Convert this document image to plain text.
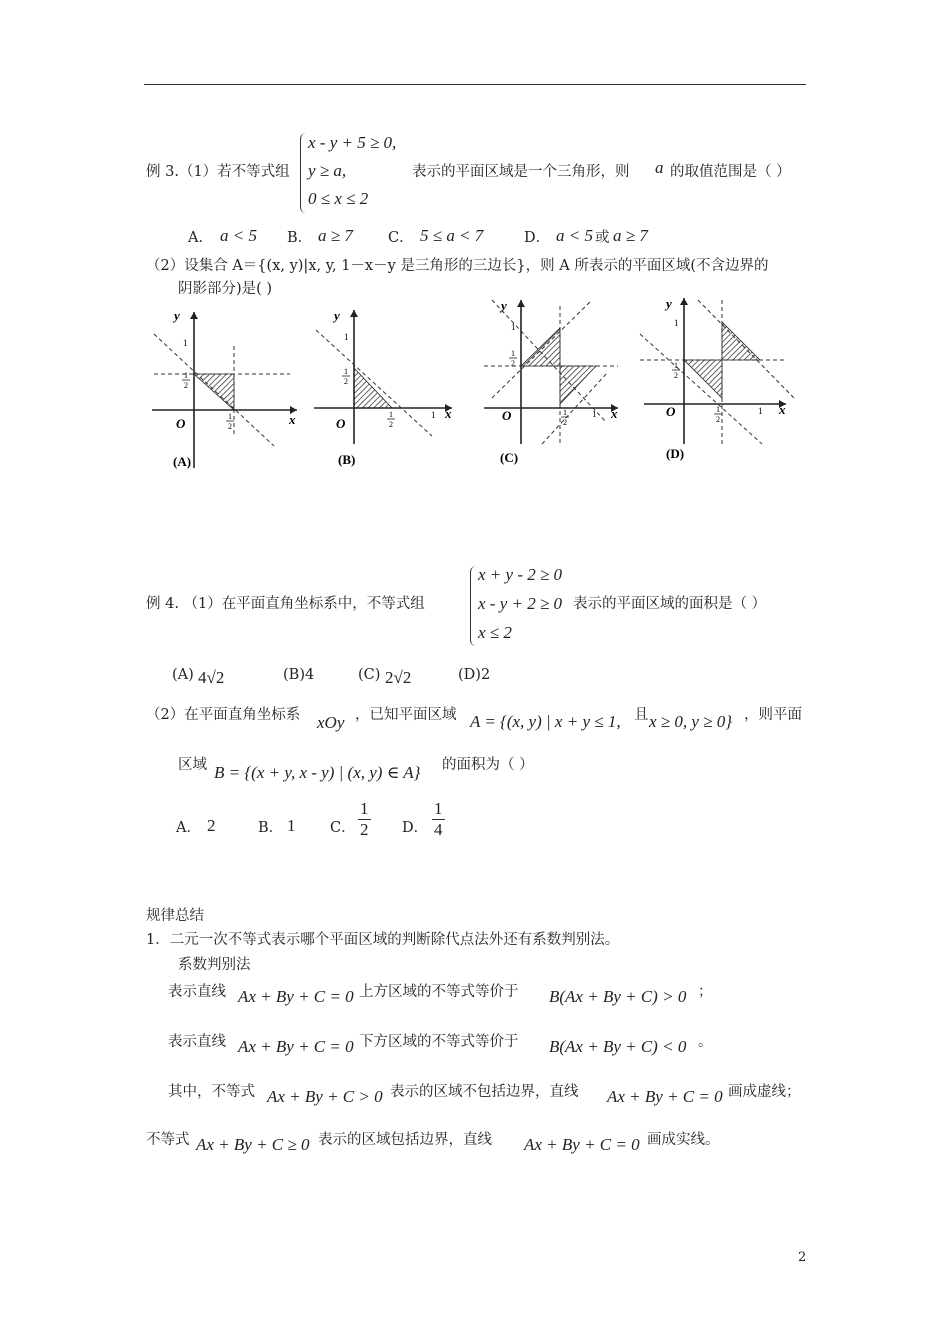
例 3.（1）若不等式组
x - y + 5 ≥ 0,
y ≥ a,
0 ≤ x ≤ 2
表示的平面区域是一个三角形，则 a 的取值范围是（ ）
A． a < 5 B． a ≥ 7 C． 5 ≤ a < 7	D． a < 5 或 a ≥ 7
（2）设集合 A＝{(x, y)|x, y, 1－x－y 是三角形的三边长}，则 A 所表示的平面区域(不含边界的
阴影部分)是( )
y
x
O
1
1
2
1
2
(A)
y
x
O
1
1
2
1
2
1
(B)
y
x
O
1
1
2
1
2
1
(C)
y
x
O
1
1
2
1
2
1
(D)
例 4. （1）在平面直角坐标系中，不等式组
x + y - 2 ≥ 0
x - y + 2 ≥ 0
x ≤ 2
表示的平面区域的面积是（ ）
(A) 4√2	(B)4	(C) 2√2	(D)2
（2）在平面直角坐标系 xOy ，已知平面区域 A = {(x, y) | x + y ≤ 1, 且 x ≥ 0, y ≥ 0} ，则平面
区域 B = {(x + y, x - y) | (x, y) ∈ A} 的面积为（ ）
A． 2	B． 1 C． $\frac{1}{2}$ D． $\frac{1}{4}$
规律总结
1．二元一次不等式表示哪个平面区域的判断除代点法外还有系数判别法。
系数判别法
表示直线 Ax + By + C = 0 上方区域的不等式等价于 B(Ax + By + C) > 0 ；
表示直线 Ax + By + C = 0 下方区域的不等式等价于 B(Ax + By + C) < 0 。
其中，不等式 Ax + By + C > 0 表示的区域不包括边界，直线 Ax + By + C = 0 画成虚线；
不等式 Ax + By + C ≥ 0 表示的区域包括边界，直线 Ax + By + C = 0 画成实线。
2
